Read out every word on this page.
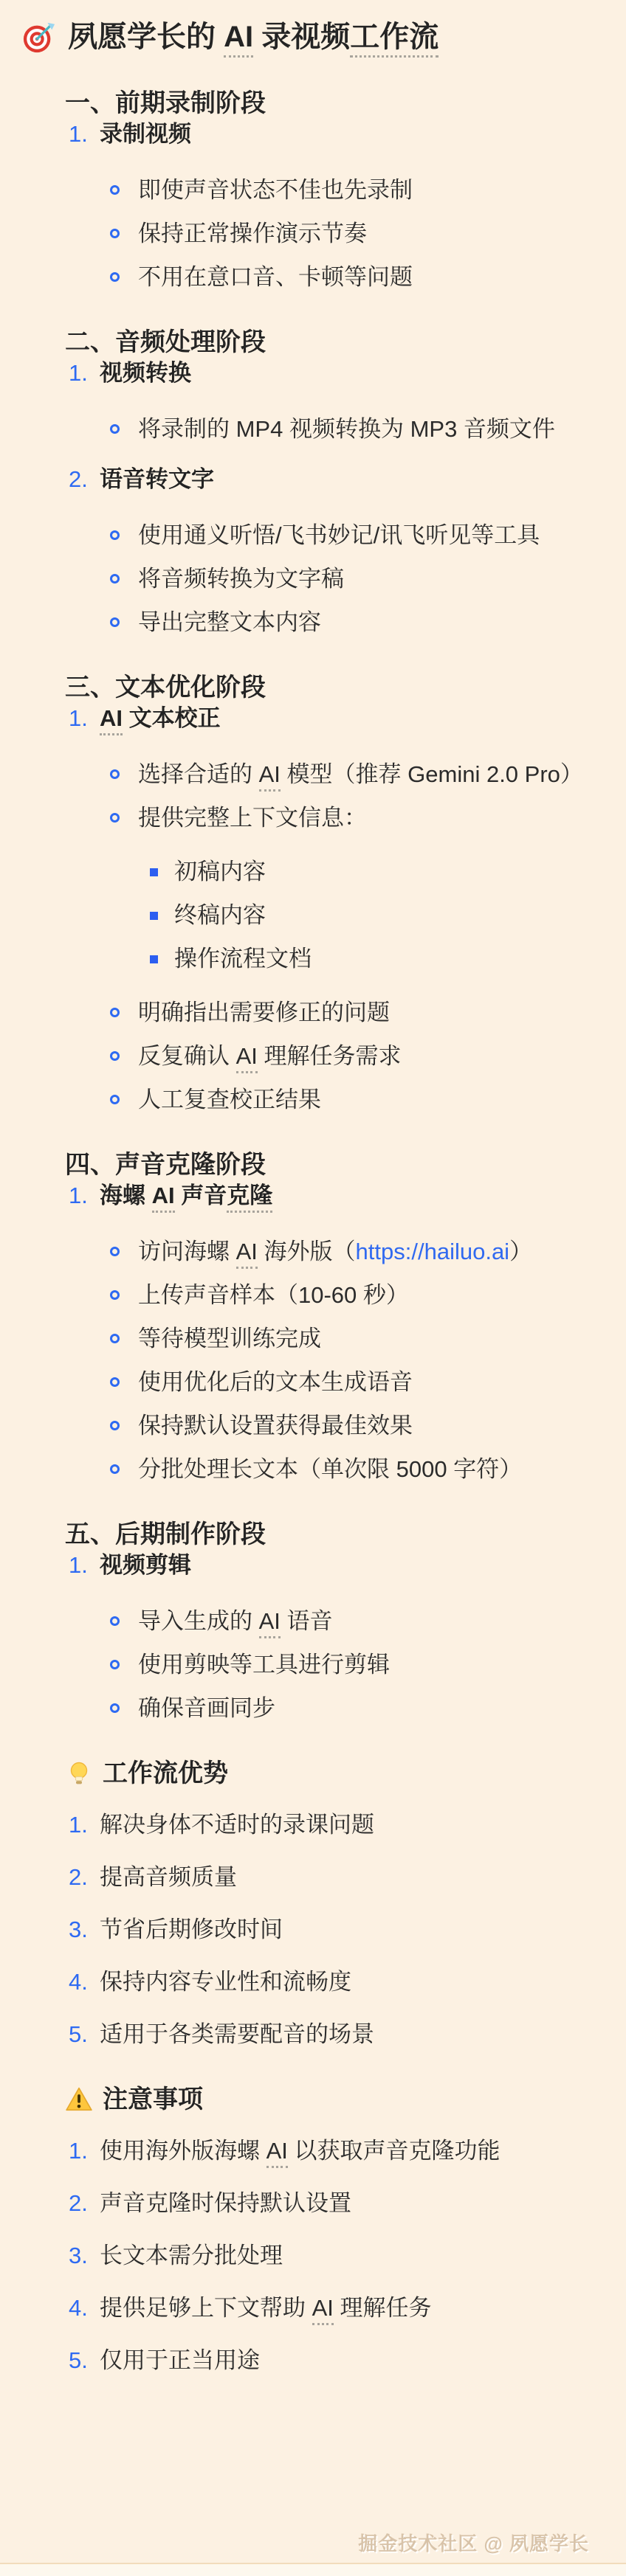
夙愿学长的 AI 录视频工作流
一、前期录制阶段
1. 录制视频
即使声音状态不佳也先录制
保持正常操作演示节奏
不用在意口音、卡顿等问题
二、音频处理阶段
1. 视频转换
将录制的 MP4 视频转换为 MP3 音频文件
2. 语音转文字
使用通义听悟/飞书妙记/讯飞听见等工具
将音频转换为文字稿
导出完整文本内容
三、文本优化阶段
1. AI 文本校正
选择合适的 AI 模型（推荐 Gemini 2.0 Pro）
提供完整上下文信息：
初稿内容
终稿内容
操作流程文档
明确指出需要修正的问题
反复确认 AI 理解任务需求
人工复查校正结果
四、声音克隆阶段
1. 海螺 AI 声音克隆
访问海螺 AI 海外版（https://hailuo.ai）
上传声音样本（10-60 秒）
等待模型训练完成
使用优化后的文本生成语音
保持默认设置获得最佳效果
分批处理长文本（单次限 5000 字符）
五、后期制作阶段
1. 视频剪辑
导入生成的 AI 语音
使用剪映等工具进行剪辑
确保音画同步
工作流优势
1. 解决身体不适时的录课问题
2. 提高音频质量
3. 节省后期修改时间
4. 保持内容专业性和流畅度
5. 适用于各类需要配音的场景
注意事项
1. 使用海外版海螺 AI 以获取声音克隆功能
2. 声音克隆时保持默认设置
3. 长文本需分批处理
4. 提供足够上下文帮助 AI 理解任务
5. 仅用于正当用途
掘金技术社区 @ 夙愿学长
